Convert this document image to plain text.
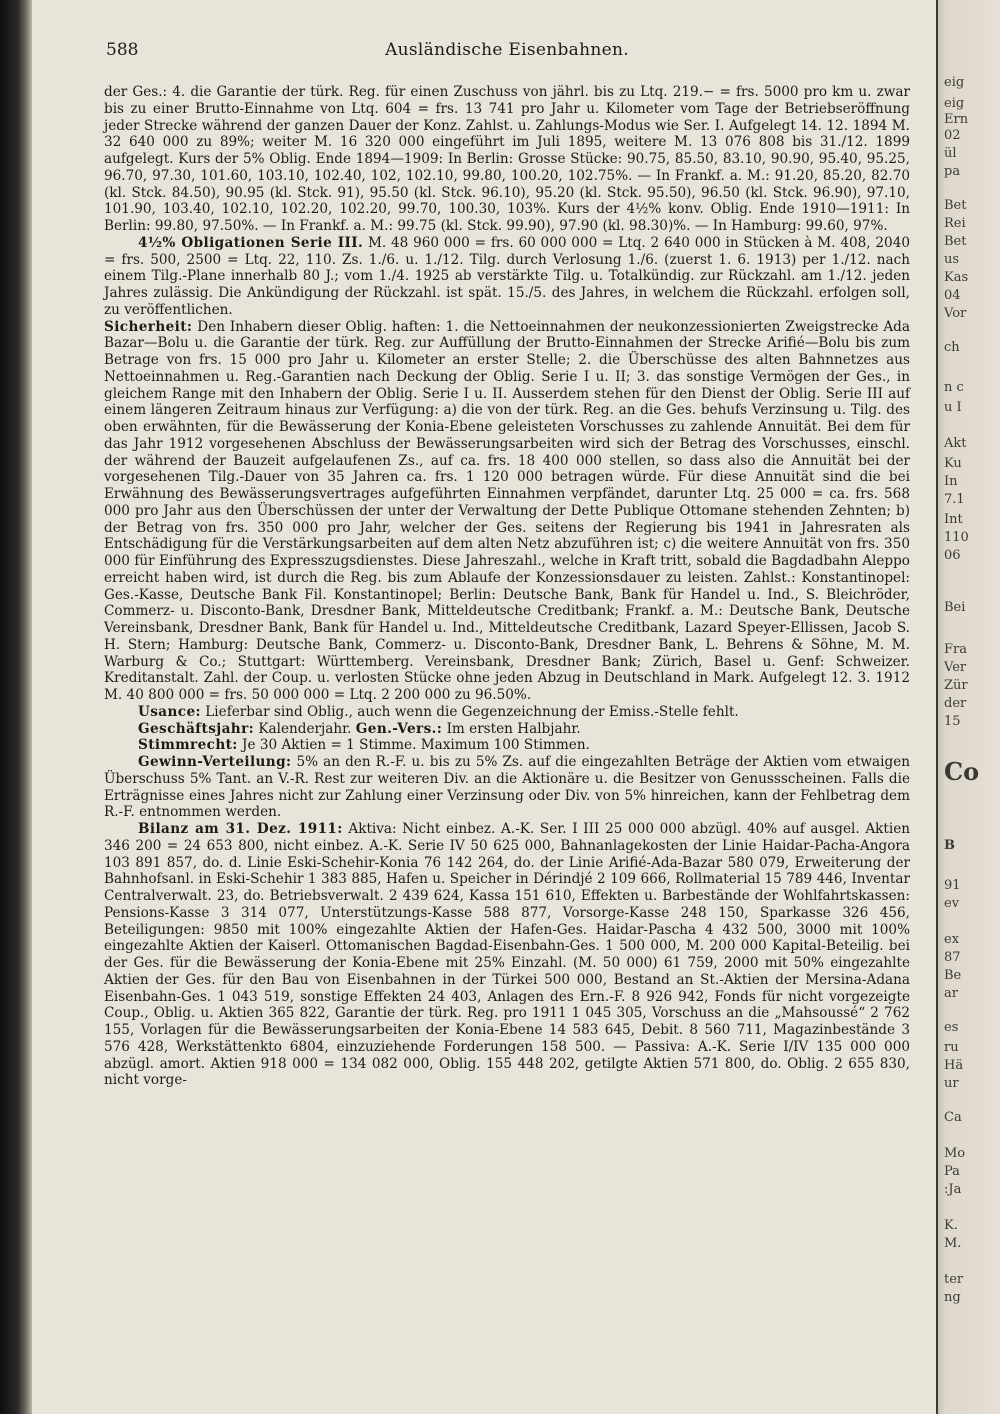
eig
eig
Ern
02
ül
pa
Bet
Rei
Bet
us
Kas
04
Vor
ch
n c
u I
Akt
Ku
In
7.1
Int
110
06
Bei
Fra
Ver
Zür
der
15
Co
B
91
ev
ex
87
Be
ar
es
ru
Hä
ur
Ca
Mo
Pa
:Ja
K.
M.
ter
ng
588	Ausländische Eisenbahnen.

der Ges.: 4. die Garantie der türk. Reg. für einen Zuschuss von jährl. bis zu Ltq. 219.− = frs. 5000 pro km u. zwar bis zu einer Brutto-Einnahme von Ltq. 604 = frs. 13 741 pro Jahr u. Kilometer vom Tage der Betriebseröffnung jeder Strecke während der ganzen Dauer der Konz. Zahlst. u. Zahlungs-Modus wie Ser. I. Aufgelegt 14. 12. 1894 M. 32 640 000 zu 89%; weiter M. 16 320 000 eingeführt im Juli 1895, weitere M. 13 076 808 bis 31./12. 1899 aufgelegt. Kurs der 5% Oblig. Ende 1894—1909: In Berlin: Grosse Stücke: 90.75, 85.50, 83.10, 90.90, 95.40, 95.25, 96.70, 97.30, 101.60, 103.10, 102.40, 102, 102.10, 99.80, 100.20, 102.75%. — In Frankf. a. M.: 91.20, 85.20, 82.70 (kl. Stck. 84.50), 90.95 (kl. Stck. 91), 95.50 (kl. Stck. 96.10), 95.20 (kl. Stck. 95.50), 96.50 (kl. Stck. 96.90), 97.10, 101.90, 103.40, 102.10, 102.20, 102.20, 99.70, 100.30, 103%. Kurs der 4½% konv. Oblig. Ende 1910—1911: In Berlin: 99.80, 97.50%. — In Frankf. a. M.: 99.75 (kl. Stck. 99.90), 97.90 (kl. 98.30)%. — In Hamburg: 99.60, 97%.

4½% Obligationen Serie III. M. 48 960 000 = frs. 60 000 000 = Ltq. 2 640 000 in Stücken à M. 408, 2040 = frs. 500, 2500 = Ltq. 22, 110. Zs. 1./6. u. 1./12. Tilg. durch Verlosung 1./6. (zuerst 1. 6. 1913) per 1./12. nach einem Tilg.-Plane innerhalb 80 J.; vom 1./4. 1925 ab verstärkte Tilg. u. Totalkündig. zur Rückzahl. am 1./12. jeden Jahres zulässig. Die Ankündigung der Rückzahl. ist spät. 15./5. des Jahres, in welchem die Rückzahl. erfolgen soll, zu veröffentlichen.

Sicherheit: Den Inhabern dieser Oblig. haften: 1. die Nettoeinnahmen der neukonzessionierten Zweigstrecke Ada Bazar—Bolu u. die Garantie der türk. Reg. zur Auffüllung der Brutto-Einnahmen der Strecke Arifié—Bolu bis zum Betrage von frs. 15 000 pro Jahr u. Kilometer an erster Stelle; 2. die Überschüsse des alten Bahnnetzes aus Nettoeinnahmen u. Reg.-Garantien nach Deckung der Oblig. Serie I u. II; 3. das sonstige Vermögen der Ges., in gleichem Range mit den Inhabern der Oblig. Serie I u. II. Ausserdem stehen für den Dienst der Oblig. Serie III auf einem längeren Zeitraum hinaus zur Verfügung: a) die von der türk. Reg. an die Ges. behufs Verzinsung u. Tilg. des oben erwähnten, für die Bewässerung der Konia-Ebene geleisteten Vorschusses zu zahlende Annuität. Bei dem für das Jahr 1912 vorgesehenen Abschluss der Bewässerungsarbeiten wird sich der Betrag des Vorschusses, einschl. der während der Bauzeit aufgelaufenen Zs., auf ca. frs. 18 400 000 stellen, so dass also die Annuität bei der vorgesehenen Tilg.-Dauer von 35 Jahren ca. frs. 1 120 000 betragen würde. Für diese Annuität sind die bei Erwähnung des Bewässerungsvertrages aufgeführten Einnahmen verpfändet, darunter Ltq. 25 000 = ca. frs. 568 000 pro Jahr aus den Überschüssen der unter der Verwaltung der Dette Publique Ottomane stehenden Zehnten; b) der Betrag von frs. 350 000 pro Jahr, welcher der Ges. seitens der Regierung bis 1941 in Jahresraten als Entschädigung für die Verstärkungsarbeiten auf dem alten Netz abzuführen ist; c) die weitere Annuität von frs. 350 000 für Einführung des Expresszugsdienstes. Diese Jahreszahl., welche in Kraft tritt, sobald die Bagdadbahn Aleppo erreicht haben wird, ist durch die Reg. bis zum Ablaufe der Konzessionsdauer zu leisten. Zahlst.: Konstantinopel: Ges.-Kasse, Deutsche Bank Fil. Konstantinopel; Berlin: Deutsche Bank, Bank für Handel u. Ind., S. Bleichröder, Commerz- u. Disconto-Bank, Dresdner Bank, Mitteldeutsche Creditbank; Frankf. a. M.: Deutsche Bank, Deutsche Vereinsbank, Dresdner Bank, Bank für Handel u. Ind., Mitteldeutsche Creditbank, Lazard Speyer-Ellissen, Jacob S. H. Stern; Hamburg: Deutsche Bank, Commerz- u. Disconto-Bank, Dresdner Bank, L. Behrens & Söhne, M. M. Warburg & Co.; Stuttgart: Württemberg. Vereinsbank, Dresdner Bank; Zürich, Basel u. Genf: Schweizer. Kreditanstalt. Zahl. der Coup. u. verlosten Stücke ohne jeden Abzug in Deutschland in Mark. Aufgelegt 12. 3. 1912 M. 40 800 000 = frs. 50 000 000 = Ltq. 2 200 000 zu 96.50%.

Usance: Lieferbar sind Oblig., auch wenn die Gegenzeichnung der Emiss.-Stelle fehlt.

Geschäftsjahr: Kalenderjahr. Gen.-Vers.: Im ersten Halbjahr.

Stimmrecht: Je 30 Aktien = 1 Stimme. Maximum 100 Stimmen.

Gewinn-Verteilung: 5% an den R.-F. u. bis zu 5% Zs. auf die eingezahlten Beträge der Aktien vom etwaigen Überschuss 5% Tant. an V.-R. Rest zur weiteren Div. an die Aktionäre u. die Besitzer von Genussscheinen. Falls die Erträgnisse eines Jahres nicht zur Zahlung einer Verzinsung oder Div. von 5% hinreichen, kann der Fehlbetrag dem R.-F. entnommen werden.

Bilanz am 31. Dez. 1911: Aktiva: Nicht einbez. A.-K. Ser. I III 25 000 000 abzügl. 40% auf ausgel. Aktien 346 200 = 24 653 800, nicht einbez. A.-K. Serie IV 50 625 000, Bahnanlagekosten der Linie Haidar-Pacha-Angora 103 891 857, do. d. Linie Eski-Schehir-Konia 76 142 264, do. der Linie Arifié-Ada-Bazar 580 079, Erweiterung der Bahnhofsanl. in Eski-Schehir 1 383 885, Hafen u. Speicher in Dérindjé 2 109 666, Rollmaterial 15 789 446, Inventar Centralverwalt. 23, do. Betriebsverwalt. 2 439 624, Kassa 151 610, Effekten u. Barbestände der Wohlfahrtskassen: Pensions-Kasse 3 314 077, Unterstützungs-Kasse 588 877, Vorsorge-Kasse 248 150, Sparkasse 326 456, Beteiligungen: 9850 mit 100% eingezahlte Aktien der Hafen-Ges. Haidar-Pascha 4 432 500, 3000 mit 100% eingezahlte Aktien der Kaiserl. Ottomanischen Bagdad-Eisenbahn-Ges. 1 500 000, M. 200 000 Kapital-Beteilig. bei der Ges. für die Bewässerung der Konia-Ebene mit 25% Einzahl. (M. 50 000) 61 759, 2000 mit 50% eingezahlte Aktien der Ges. für den Bau von Eisenbahnen in der Türkei 500 000, Bestand an St.-Aktien der Mersina-Adana Eisenbahn-Ges. 1 043 519, sonstige Effekten 24 403, Anlagen des Ern.-F. 8 926 942, Fonds für nicht vorgezeigte Coup., Oblig. u. Aktien 365 822, Garantie der türk. Reg. pro 1911 1 045 305, Vorschuss an die „Mahsoussé“ 2 762 155, Vorlagen für die Bewässerungsarbeiten der Konia-Ebene 14 583 645, Debit. 8 560 711, Magazinbestände 3 576 428, Werkstättenkto 6804, einzuziehende Forderungen 158 500. — Passiva: A.-K. Serie I/IV 135 000 000 abzügl. amort. Aktien 918 000 = 134 082 000, Oblig. 155 448 202, getilgte Aktien 571 800, do. Oblig. 2 655 830, nicht vorge-
